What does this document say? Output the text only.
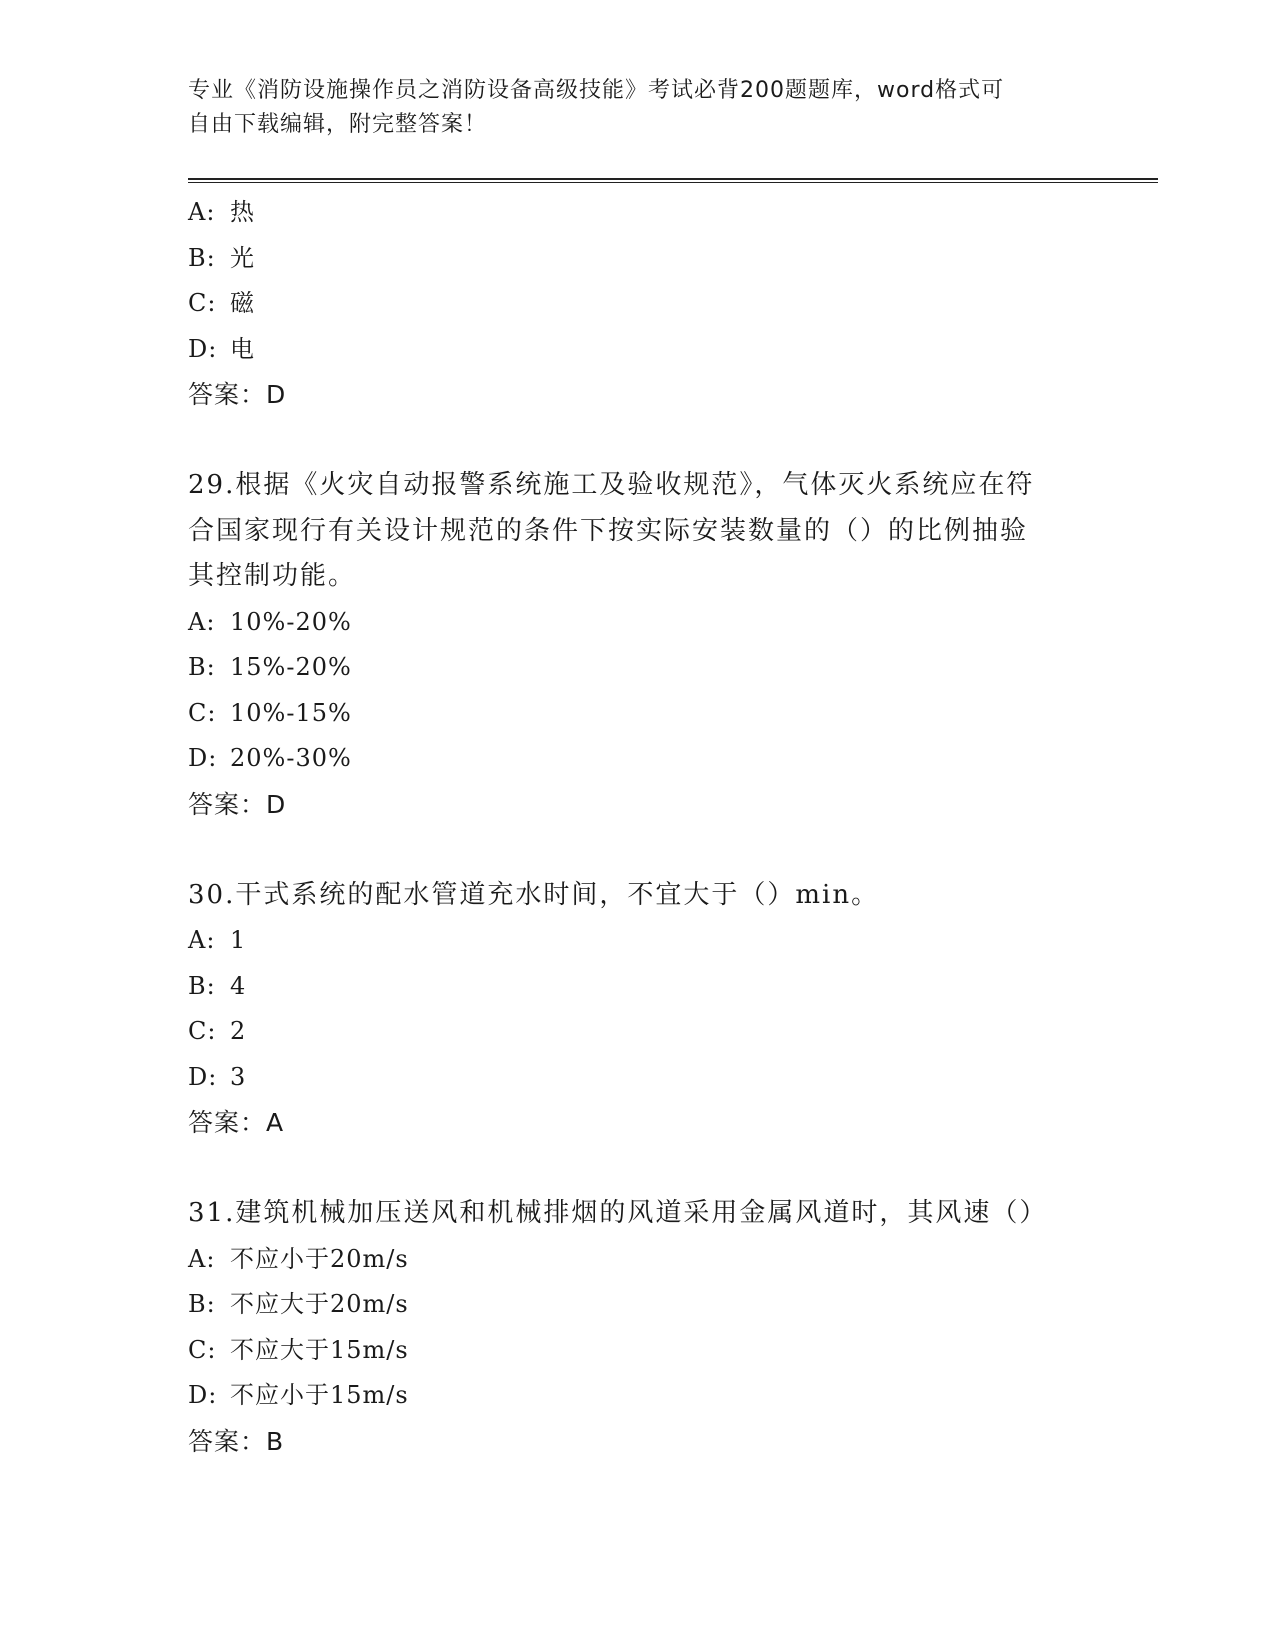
专业《消防设施操作员之消防设备高级技能》考试必背200题题库，word格式可
自由下载编辑，附完整答案！
A: 热
B: 光
C: 磁
D: 电
答案：D
29.根据《火灾自动报警系统施工及验收规范》，气体灭火系统应在符
合国家现行有关设计规范的条件下按实际安装数量的（）的比例抽验
其控制功能。
A: 10%-20%
B: 15%-20%
C: 10%-15%
D: 20%-30%
答案：D
30.干式系统的配水管道充水时间，不宜大于（）min。
A: 1
B: 4
C: 2
D: 3
答案：A
31.建筑机械加压送风和机械排烟的风道采用金属风道时，其风速（）
A: 不应小于20m/s
B: 不应大于20m/s
C: 不应大于15m/s
D: 不应小于15m/s
答案：B
